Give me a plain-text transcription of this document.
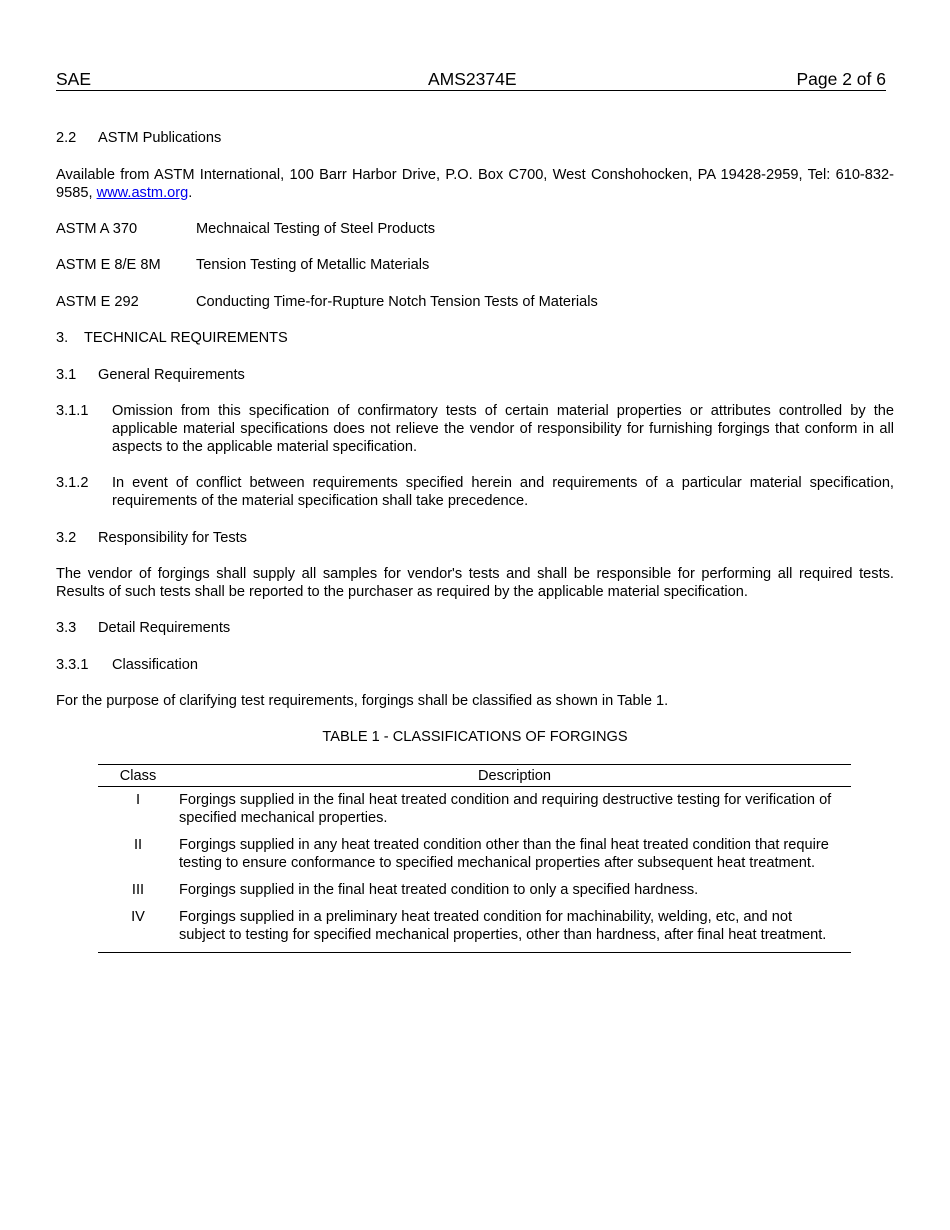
SAE	AMS2374E	Page 2 of 6
2.2 ASTM Publications
Available from ASTM International, 100 Barr Harbor Drive, P.O. Box C700, West Conshohocken, PA 19428-2959, Tel: 610-832-9585, www.astm.org.
ASTM A 370	Mechnaical Testing of Steel Products
ASTM E 8/E 8M Tension Testing of Metallic Materials
ASTM E 292	Conducting Time-for-Rupture Notch Tension Tests of Materials
3. TECHNICAL REQUIREMENTS
3.1 General Requirements
3.1.1 Omission from this specification of confirmatory tests of certain material properties or attributes controlled by the applicable material specifications does not relieve the vendor of responsibility for furnishing forgings that conform in all aspects to the applicable material specification.
3.1.2 In event of conflict between requirements specified herein and requirements of a particular material specification, requirements of the material specification shall take precedence.
3.2 Responsibility for Tests
The vendor of forgings shall supply all samples for vendor's tests and shall be responsible for performing all required tests. Results of such tests shall be reported to the purchaser as required by the applicable material specification.
3.3 Detail Requirements
3.3.1 Classification
For the purpose of clarifying test requirements, forgings shall be classified as shown in Table 1.
TABLE 1 - CLASSIFICATIONS OF FORGINGS
Class	Description
I	Forgings supplied in the final heat treated condition and requiring destructive testing for verification of specified mechanical properties.
II	Forgings supplied in any heat treated condition other than the final heat treated condition that require testing to ensure conformance to specified mechanical properties after subsequent heat treatment.
III	Forgings supplied in the final heat treated condition to only a specified hardness.
IV	Forgings supplied in a preliminary heat treated condition for machinability, welding, etc, and not subject to testing for specified mechanical properties, other than hardness, after final heat treatment.
